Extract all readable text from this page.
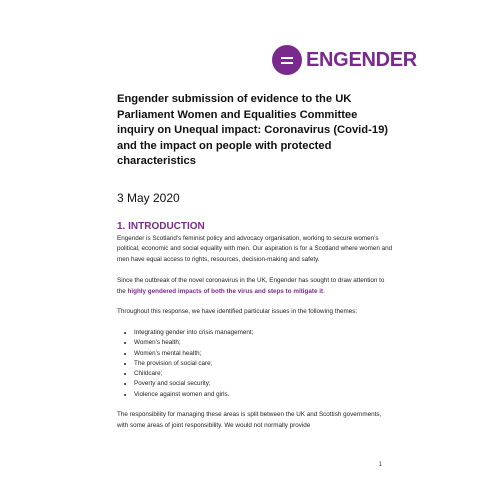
ENGENDER
Engender submission of evidence to the UK Parliament Women and Equalities Committee inquiry on Unequal impact: Coronavirus (Covid-19) and the impact on people with protected characteristics
3 May 2020
1. INTRODUCTION

Engender is Scotland’s feminist policy and advocacy organisation, working to secure women’s political, economic and social equality with men. Our aspiration is for a Scotland where women and men have equal access to rights, resources, decision-making and safety.

Since the outbreak of the novel coronavirus in the UK, Engender has sought to draw attention to the highly gendered impacts of both the virus and steps to mitigate it.

Throughout this response, we have identified particular issues in the following themes:

• Integrating gender into crisis management;
• Women’s health;
• Women’s mental health;
• The provision of social care;
• Childcare;
• Poverty and social security;
• Violence against women and girls.

The responsibility for managing these areas is split between the UK and Scottish governments, with some areas of joint responsibility. We would not normally provide

1
